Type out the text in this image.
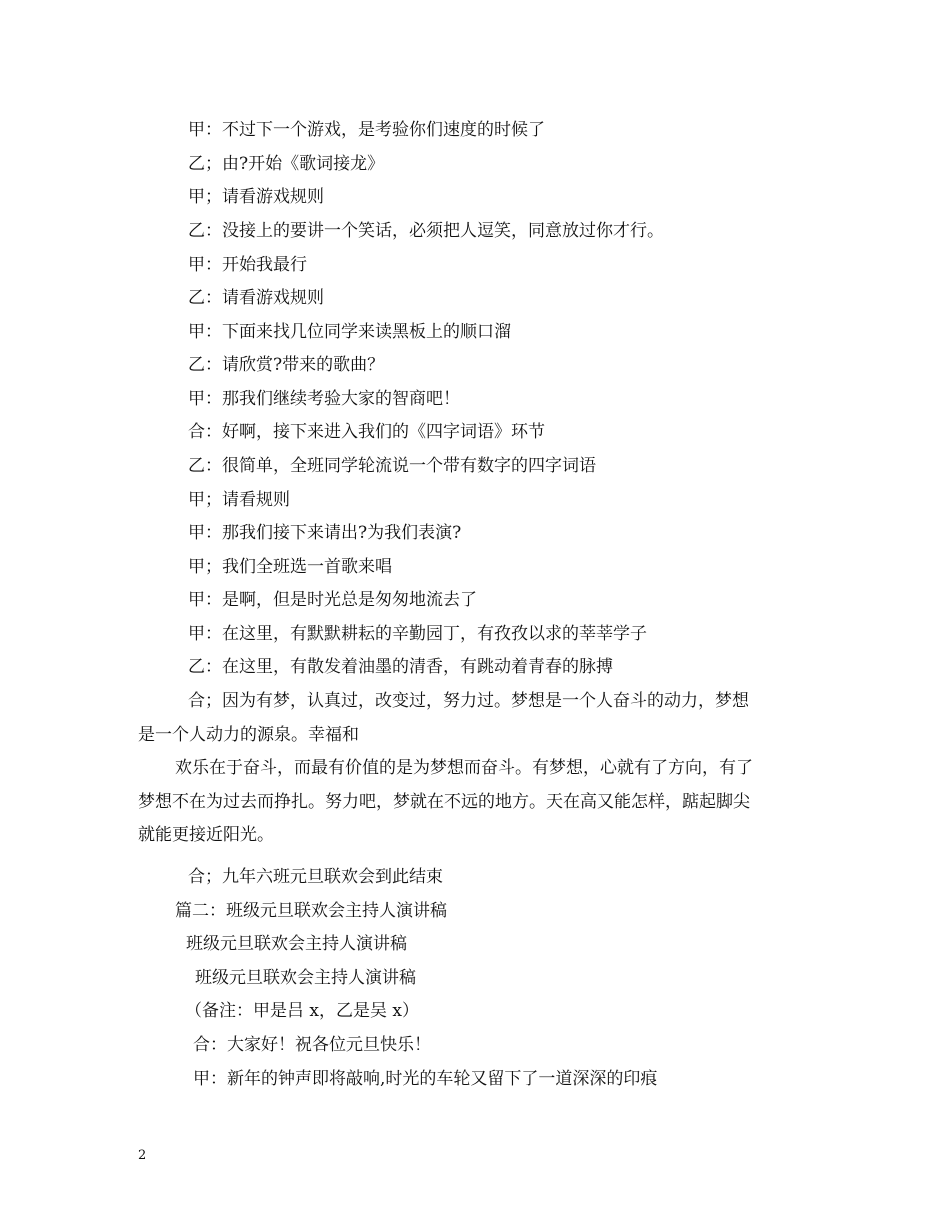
甲：不过下一个游戏，是考验你们速度的时候了
乙；由?开始《歌词接龙》
甲；请看游戏规则
乙：没接上的要讲一个笑话，必须把人逗笑，同意放过你才行。
甲：开始我最行
乙：请看游戏规则
甲：下面来找几位同学来读黑板上的顺口溜
乙：请欣赏?带来的歌曲？
甲：那我们继续考验大家的智商吧！
合：好啊，接下来进入我们的《四字词语》环节
乙：很简单，全班同学轮流说一个带有数字的四字词语
甲；请看规则
甲：那我们接下来请出?为我们表演?
甲；我们全班选一首歌来唱
甲：是啊，但是时光总是匆匆地流去了
甲：在这里，有默默耕耘的辛勤园丁，有孜孜以求的莘莘学子
乙：在这里，有散发着油墨的清香，有跳动着青春的脉搏
合；因为有梦，认真过，改变过，努力过。梦想是一个人奋斗的动力，梦想
是一个人动力的源泉。幸福和
欢乐在于奋斗，而最有价值的是为梦想而奋斗。有梦想，心就有了方向，有了
梦想不在为过去而挣扎。努力吧，梦就在不远的地方。天在高又能怎样，踮起脚尖
就能更接近阳光。
合；九年六班元旦联欢会到此结束
篇二：班级元旦联欢会主持人演讲稿
班级元旦联欢会主持人演讲稿
班级元旦联欢会主持人演讲稿
（备注：甲是吕 x，乙是吴 x）
合：大家好！祝各位元旦快乐！
甲：新年的钟声即将敲响,时光的车轮又留下了一道深深的印痕
2
